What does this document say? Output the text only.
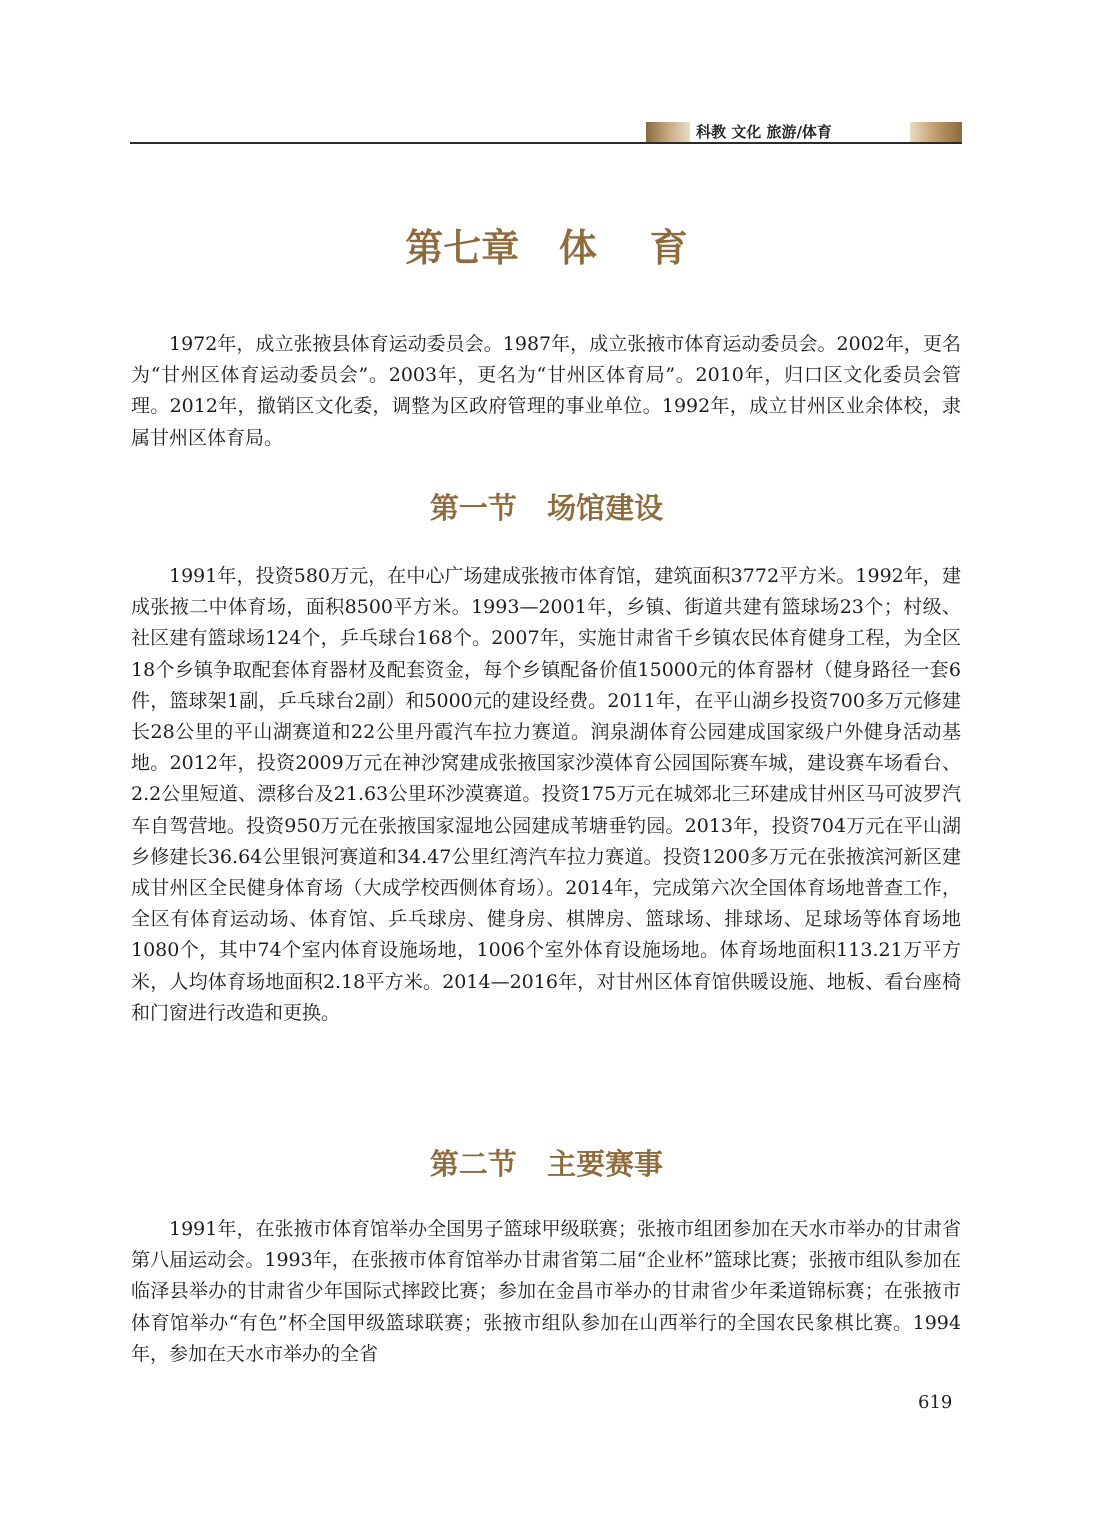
科教 文化 旅游/体育
第七章   体    育

1972年，成立张掖县体育运动委员会。1987年，成立张掖市体育运动委员会。2002年，更名为“甘州区体育运动委员会”。2003年，更名为“甘州区体育局”。2010年，归口区文化委员会管理。2012年，撤销区文化委，调整为区政府管理的事业单位。1992年，成立甘州区业余体校，隶属甘州区体育局。

第一节   场馆建设

1991年，投资580万元，在中心广场建成张掖市体育馆，建筑面积3772平方米。1992年，建成张掖二中体育场，面积8500平方米。1993—2001年，乡镇、街道共建有篮球场23个；村级、社区建有篮球场124个，乒乓球台168个。2007年，实施甘肃省千乡镇农民体育健身工程，为全区18个乡镇争取配套体育器材及配套资金，每个乡镇配备价值15000元的体育器材（健身路径一套6件，篮球架1副，乒乓球台2副）和5000元的建设经费。2011年，在平山湖乡投资700多万元修建长28公里的平山湖赛道和22公里丹霞汽车拉力赛道。润泉湖体育公园建成国家级户外健身活动基地。2012年，投资2009万元在神沙窝建成张掖国家沙漠体育公园国际赛车城，建设赛车场看台、2.2公里短道、漂移台及21.63公里环沙漠赛道。投资175万元在城郊北三环建成甘州区马可波罗汽车自驾营地。投资950万元在张掖国家湿地公园建成苇塘垂钓园。2013年，投资704万元在平山湖乡修建长36.64公里银河赛道和34.47公里红湾汽车拉力赛道。投资1200多万元在张掖滨河新区建成甘州区全民健身体育场（大成学校西侧体育场）。2014年，完成第六次全国体育场地普查工作，全区有体育运动场、体育馆、乒乓球房、健身房、棋牌房、篮球场、排球场、足球场等体育场地1080个，其中74个室内体育设施场地，1006个室外体育设施场地。体育场地面积113.21万平方米，人均体育场地面积2.18平方米。2014—2016年，对甘州区体育馆供暖设施、地板、看台座椅和门窗进行改造和更换。

第二节   主要赛事

1991年，在张掖市体育馆举办全国男子篮球甲级联赛；张掖市组团参加在天水市举办的甘肃省第八届运动会。1993年，在张掖市体育馆举办甘肃省第二届“企业杯”篮球比赛；张掖市组队参加在临泽县举办的甘肃省少年国际式摔跤比赛；参加在金昌市举办的甘肃省少年柔道锦标赛；在张掖市体育馆举办“有色”杯全国甲级篮球联赛；张掖市组队参加在山西举行的全国农民象棋比赛。1994年，参加在天水市举办的全省

619
